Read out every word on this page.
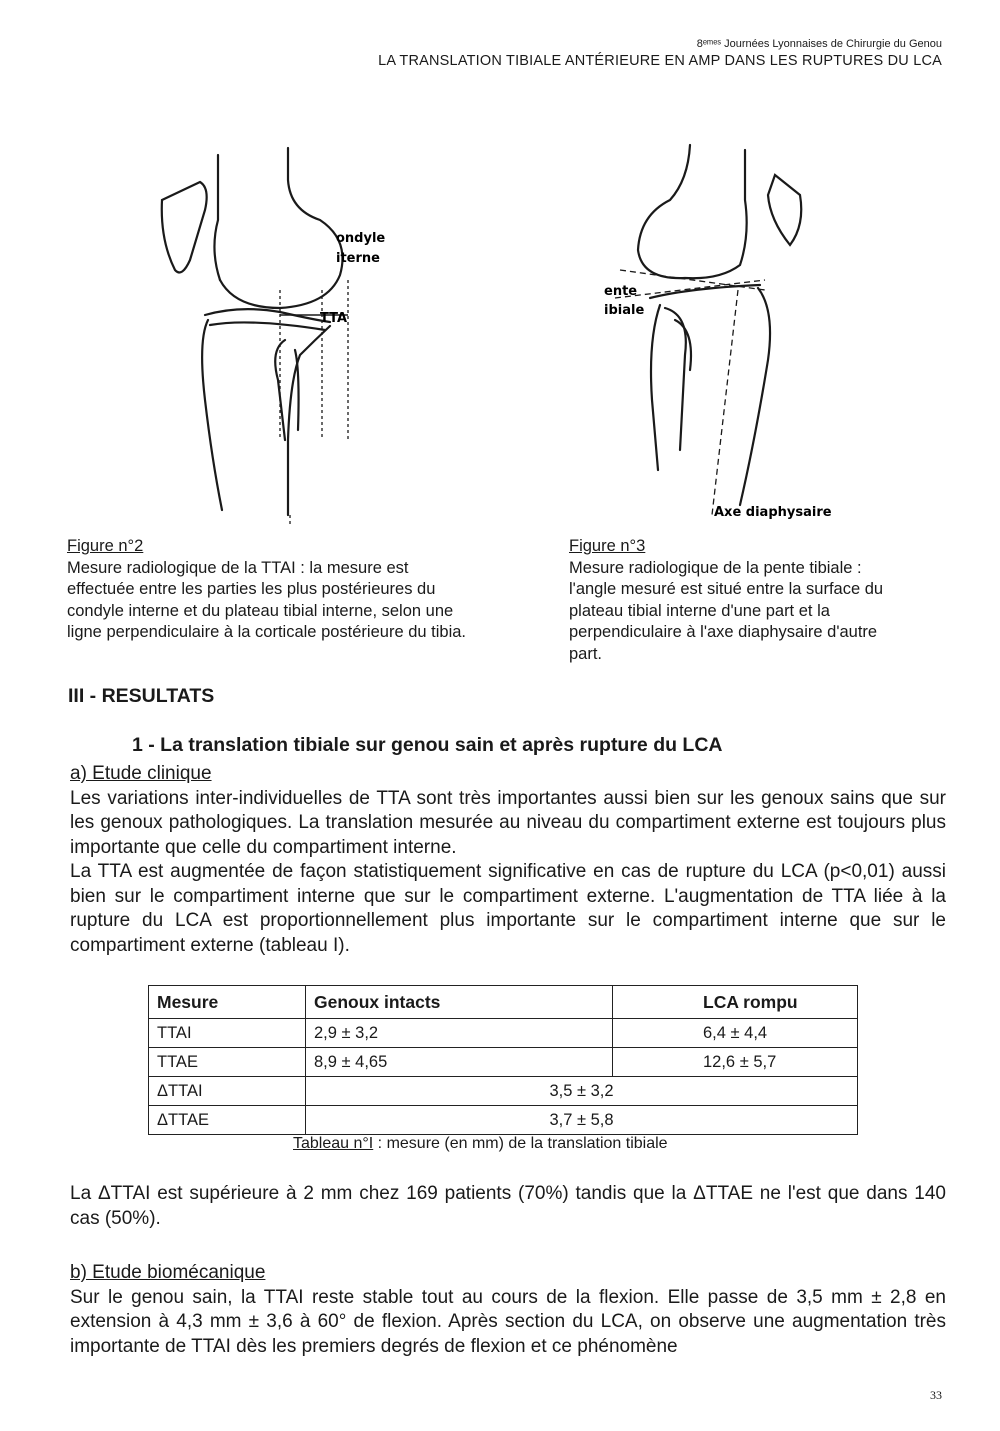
8ᵉᵐᵉˢ Journées Lyonnaises de Chirurgie du Genou
LA TRANSLATION TIBIALE ANTÉRIEURE EN AMP DANS LES RUPTURES DU LCA
ondyle
iterne
TTA
ente
ibiale
Axe diaphysaire
Figure n°2
Mesure radiologique de la TTAI : la mesure est effectuée entre les parties les plus postérieures du condyle interne et du plateau tibial interne, selon une ligne perpendiculaire à la corticale postérieure du tibia.
Figure n°3
Mesure radiologique de la pente tibiale : l'angle mesuré est situé entre la surface du plateau tibial interne d'une part et la perpendiculaire à l'axe diaphysaire d'autre part.
III - RESULTATS
1 - La translation tibiale sur genou sain et après rupture du LCA
a) Etude clinique

Les variations inter-individuelles de TTA sont très importantes aussi bien sur les genoux sains que sur les genoux pathologiques. La translation mesurée au niveau du compartiment externe est toujours plus importante que celle du compartiment interne.

La TTA est augmentée de façon statistiquement significative en cas de rupture du LCA (p<0,01) aussi bien sur le compartiment interne que sur le compartiment externe. L'augmentation de TTA liée à la rupture du LCA est proportionnellement plus importante sur le compartiment interne que sur le compartiment externe (tableau I).

Mesure	Genoux intacts	LCA rompu
TTAI	2,9 ± 3,2	6,4 ± 4,4
TTAE	8,9 ± 4,65	12,6 ± 5,7
ΔTTAI	3,5 ± 3,2	
ΔTTAE	3,7 ± 5,8	
Tableau n°I : mesure (en mm) de la translation tibiale
La ΔTTAI est supérieure à 2 mm chez 169 patients (70%) tandis que la ΔTTAE ne l'est que dans 140 cas (50%).
b) Etude biomécanique

Sur le genou sain, la TTAI reste stable tout au cours de la flexion. Elle passe de 3,5 mm ± 2,8 en extension à 4,3 mm ± 3,6 à 60° de flexion. Après section du LCA, on observe une augmentation très importante de TTAI dès les premiers degrés de flexion et ce phénomène

33
